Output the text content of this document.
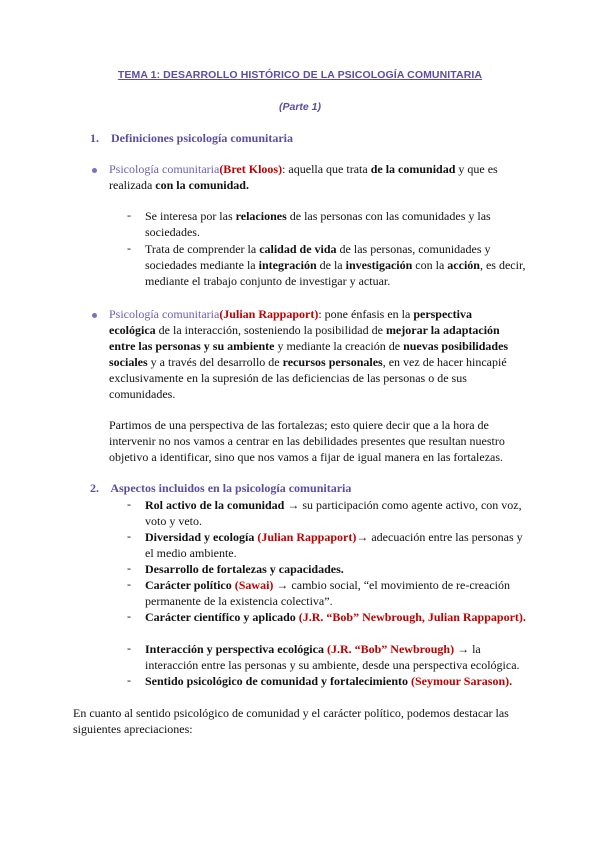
TEMA 1: DESARROLLO HISTÓRICO DE LA PSICOLOGÍA COMUNITARIA
(Parte 1)
1. Definiciones psicología comunitaria
Psicología comunitaria(Bret Kloos): aquella que trata de la comunidad y que es realizada con la comunidad.
- Se interesa por las relaciones de las personas con las comunidades y las sociedades.
- Trata de comprender la calidad de vida de las personas, comunidades y sociedades mediante la integración de la investigación con la acción, es decir, mediante el trabajo conjunto de investigar y actuar.
Psicología comunitaria(Julian Rappaport): pone énfasis en la perspectiva ecológica de la interacción, sosteniendo la posibilidad de mejorar la adaptación entre las personas y su ambiente y mediante la creación de nuevas posibilidades sociales y a través del desarrollo de recursos personales, en vez de hacer hincapié exclusivamente en la supresión de las deficiencias de las personas o de sus comunidades.
Partimos de una perspectiva de las fortalezas; esto quiere decir que a la hora de intervenir no nos vamos a centrar en las debilidades presentes que resultan nuestro objetivo a identificar, sino que nos vamos a fijar de igual manera en las fortalezas.
2. Aspectos incluidos en la psicología comunitaria
- Rol activo de la comunidad → su participación como agente activo, con voz, voto y veto.
- Diversidad y ecología (Julian Rappaport)→ adecuación entre las personas y el medio ambiente.
- Desarrollo de fortalezas y capacidades.
- Carácter político (Sawai) → cambio social, “el movimiento de re-creación permanente de la existencia colectiva”.
- Carácter científico y aplicado (J.R. “Bob” Newbrough, Julian Rappaport).
- Interacción y perspectiva ecológica (J.R. “Bob” Newbrough) → la interacción entre las personas y su ambiente, desde una perspectiva ecológica.
- Sentido psicológico de comunidad y fortalecimiento (Seymour Sarason).
En cuanto al sentido psicológico de comunidad y el carácter político, podemos destacar las siguientes apreciaciones:
